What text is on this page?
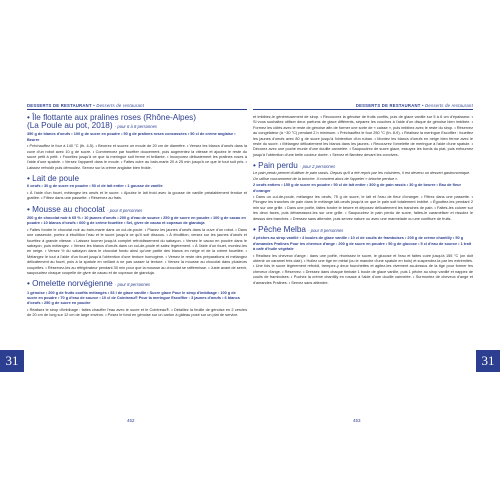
DESSERTS DE RESTAURANT • Desserts de restaurant
• Île flottante aux pralines roses (Rhône-Alpes)
(La Poule au pot, 2018) · pour 6 à 8 personnes
350 g de blancs d'oeufs • 100 g de sucre en poudre • 50 g de pralines roses concassées • 50 cl de crème anglaise • Beurre
• Préchauffez le four à 140 °C (th. 4-5). • Beurrez et sucrez un moule de 20 cm de diamètre. • Versez les blancs d'oeufs dans la cuve d'un robot avec 10 g de sucre. • Commencez par fouetter doucement, puis augmentez la vitesse et ajoutez le reste du sucre petit à petit. • Fouettez jusqu'à ce que la meringue soit ferme et brillante. • Incorporez délicatement les pralines roses à l'aide d'une spatule. • Versez l'appareil dans le moule. • Faites cuire au bain-marie 20 à 25 min jusqu'à ce que le tout soit pris. • Laissez refroidir puis démoulez. Servez sur la crème anglaise bien froide.
• Lait de poule
6 oeufs • 30 g de sucre en poudre • 50 cl de lait entier • 1 gousse de vanille
• À l'aide d'un fouet, mélangez les oeufs et le sucre. • Ajoutez le lait froid avec la gousse de vanille préalablement fendue et grattée. • Filtrez dans une passette. • Réservez au frais.
• Mousse au chocolat · pour 8 personnes
200 g de chocolat noir à 65 % • 10 jaunes d'oeufs • 200 g d'eau de source • 250 g de sucre en poudre • 100 g de cacao en poudre • 10 blancs d'oeufs • 600 g de crème fouettée • Sel, givre de cacao et copeaux de gianduja
• Faites fondre le chocolat noir au bain-marie dans un cul-de-poule. • Placez les jaunes d'oeufs dans la cuve d'un robot. • Dans une casserole, portez à ébullition l'eau et le sucre jusqu'à ce qu'il soit dissous. • À ébullition, versez sur les jaunes d'oeufs et fouettez à grande vitesse. • Laissez tourner jusqu'à complet refroidissement du sabayon. • Versez le cacao en poudre dans le sabayon, puis mélangez. • Versez les blancs d'oeufs dans un cul-de-poule et salez légèrement. • À l'aide d'un fouet, montez-les en neige. • Versez ½ du sabayon dans le chocolat fondu ainsi qu'une partie des blancs en neige et de la crème fouettée. • Mélangez le tout à l'aide d'un fouet jusqu'à l'obtention d'une texture homogène. • Versez le reste des préparations et mélangez délicatement au fouet, puis à la spatule en veillant à ne pas casser la texture. • Versez la mousse au chocolat dans plusieurs coupelles. • Réservez-les au réfrigérateur pendant 30 min pour que la mousse au chocolat se raffermisse. • Juste avant de servir, saupoudrez chaque coupelle de givre de cacao et de copeaux de gianduja.
• Omelette norvégienne · pour 8 personnes
1 génoise • 200 g de fruits confits mélangés • 53 l de glace vanille • Sucre glace Pour le sirop d'imbibage : 100 g de sucre en poudre • 70 g d'eau de source • 10 cl de Cointreau® Pour la meringue Escoffier : 3 jaunes d'oeufs • 6 blancs d'oeufs • 250 g de sucre en poudre
• Réalisez le sirop d'imbibage : faites chauffer l'eau avec le sucre et le Cointreau®. • Détaillez la feuille de génoise en 2 cercles de 20 cm de long sur 12 cm de large environ. • Posez le fond en génoise sur un carton à gâteau posé sur un plat de service.
452
DESSERTS DE RESTAURANT • Desserts de restaurant
et imbibez-le généreusement de sirop. • Recouvrez la génoise de fruits confits, puis de glace vanille sur 5 à 6 cm d'épaisseur. • Si vous souhaitez utiliser deux parfums de glace différents, séparez les couches à l'aide d'un disque de génoise bien imbibée. • Formez les côtés avec le reste de génoise afin de former une sorte de « caisse », puis imbibez avec le reste du sirop. • Réservez au congélateur (à −30 °C) pendant 2 h minimum. • Préchauffez le four 250 °C (th. 8-9). • Réalisez la meringue Escoffier : fouettez les jaunes d'oeufs avec 80 g de sucre jusqu'à l'obtention d'un ruban. • Montez les blancs d'oeufs en neige bien ferme avec le reste du sucre. • Mélangez délicatement les blancs dans les jaunes. • Recouvrez l'omelette de meringue à l'aide d'une spatule. • Décorez avec une poche munie d'une douille cannelée. • Saupoudrez de sucre glace, essuyez les bords du plat, puis enfournez jusqu'à l'obtention d'une belle couleur dorée. • Servez et flambez devant les convives.
• Pain perdu · pour 2 personnes
Le pain perdu permet d'utiliser le pain rassis. Depuis qu'il a été repris par les cuisiniers, il est devenu un dessert gastronomique. On utilise couramment de la brioche. Il convient alors de l'appeler « brioche perdue ».
2 oeufs entiers • 155 g de sucre en poudre • 50 cl de lait entier • 300 g de pain rassis • 30 g de beurre • Eau de fleur d'oranger
• Dans un cul-de-poule, mélangez les oeufs, 75 g de sucre, le lait et l'eau de fleur d'oranger. • Filtrez dans une passette. • Plongez les tranches de pain dans le mélange lait-oeufs jusqu'à ce que le pain soit totalement imbibé. • Égouttez-les pendant 2 min sur une grille. • Dans une poêle, faites fondre le beurre et déposez délicatement les tranches de pain. • Faites-les colorer sur les deux faces, puis débarrassez-les sur une grille. • Saupoudrez le pain perdu de sucre, faites-le caraméliser et rissolez le dessus des tranches. • Dressez sans attendre, puis servez nature ou avec une marmelade ou une confiture de fruits.
• Pêche Melba · pour 8 personnes
4 pêches au sirop vanillé • 4 boules de glace vanille • 10 cl de coulis de framboises • 200 g de crème chantilly • 50 g d'amandes Pralines Pour les cheveux d'ange : 200 g de sucre en poudre • 50 g de glucose • 5 cl d'eau de source • 1 trait à café d'huile végétale
• Réalisez les cheveux d'ange : dans une poêle, réunissez le sucre, le glucose et l'eau et faites cuire jusqu'à 155 °C (on doit obtenir un caramel très clair). • Huilez une tige en métal (ou le manche d'une spatule en bois) et suspendez-la par les extrémités. • Une fois le sucre légèrement refroidi, trempez-y deux fourchettes et agitez-les vivement au-dessus de la tige pour former les cheveux d'ange. • Réservez. • Dressez dans chaque timbale 1 boule de glace vanille, puis 1 pêche au sirop vanillé et nappez de coulis de framboises. • Pochez la crème chantilly en rosace à l'aide d'une douille cannelée. • Surmontez de cheveux d'ange et d'amandes Pralines. • Servez sans attendre.
453
31	31
